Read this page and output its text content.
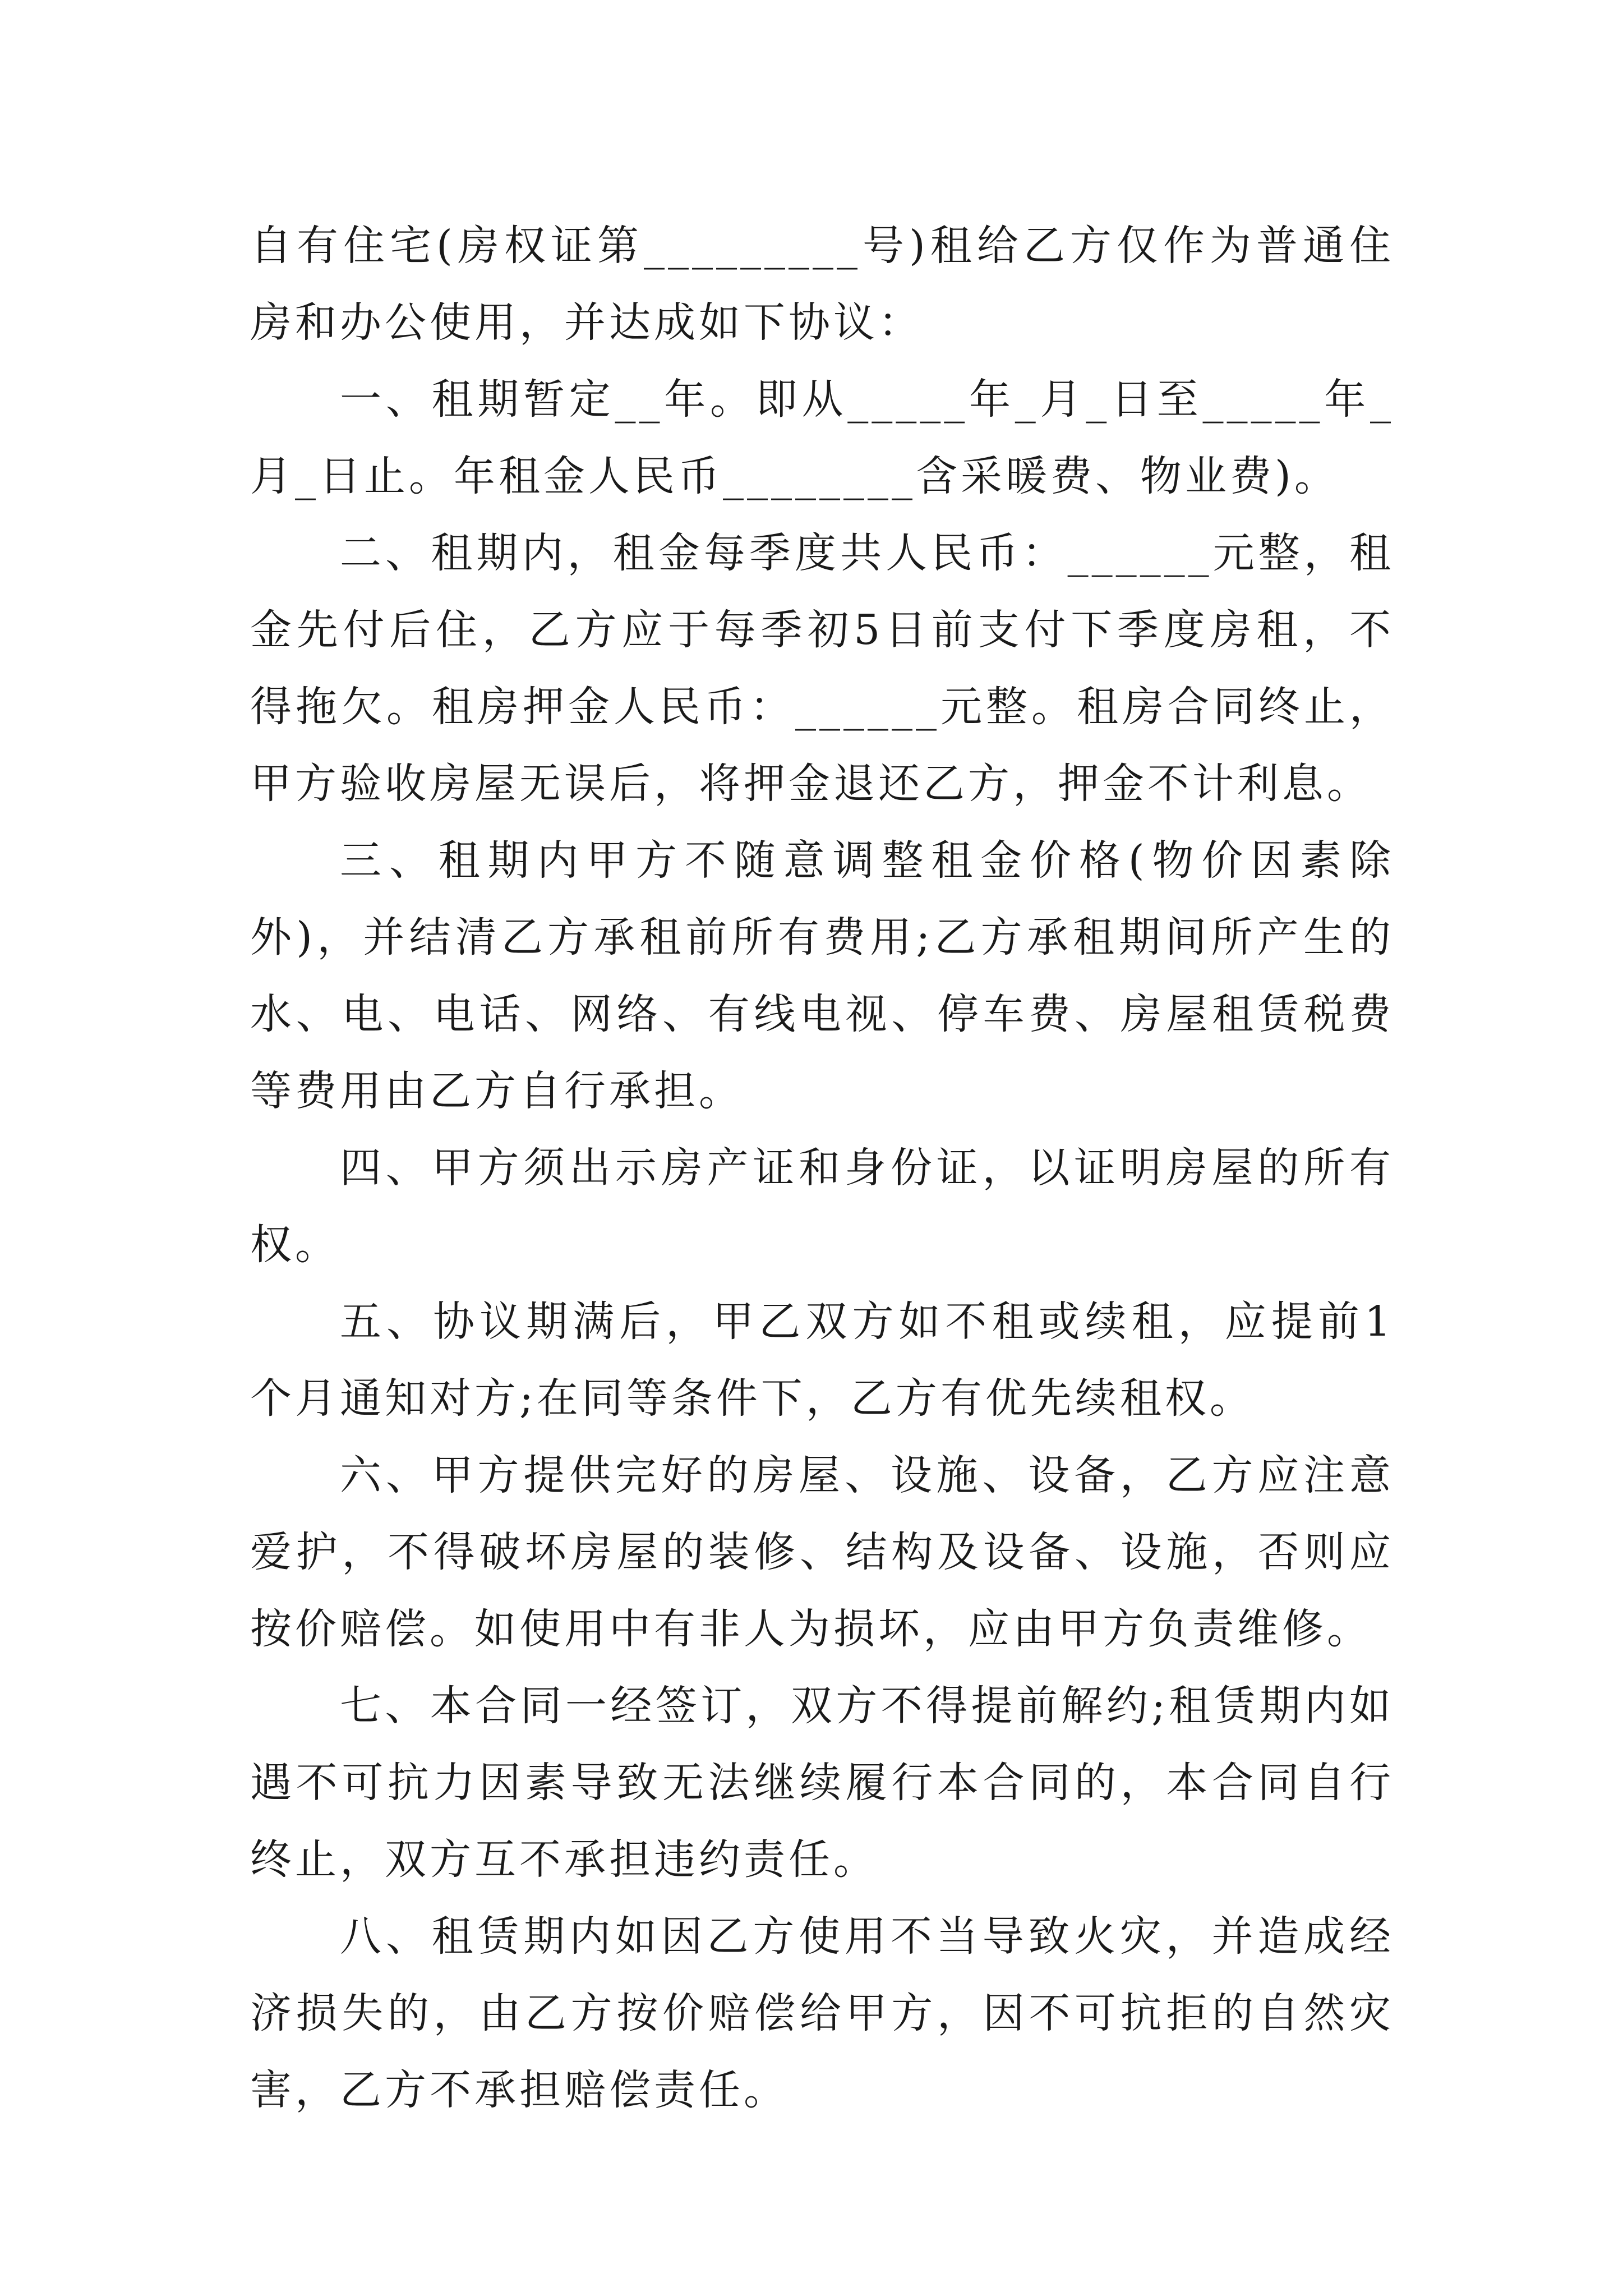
自有住宅(房权证第_________号)租给乙方仅作为普通住房和办公使用，并达成如下协议：

一、租期暂定__年。即从_____年_月_日至_____年_月_日止。年租金人民币________含采暖费、物业费)。

二、租期内，租金每季度共人民币：______元整，租金先付后住，乙方应于每季初5日前支付下季度房租，不得拖欠。租房押金人民币：______元整。租房合同终止，甲方验收房屋无误后，将押金退还乙方，押金不计利息。

三、租期内甲方不随意调整租金价格(物价因素除外)，并结清乙方承租前所有费用;乙方承租期间所产生的水、电、电话、网络、有线电视、停车费、房屋租赁税费等费用由乙方自行承担。

四、甲方须出示房产证和身份证，以证明房屋的所有权。

五、协议期满后，甲乙双方如不租或续租，应提前1个月通知对方;在同等条件下，乙方有优先续租权。

六、甲方提供完好的房屋、设施、设备，乙方应注意爱护，不得破坏房屋的装修、结构及设备、设施，否则应按价赔偿。如使用中有非人为损坏，应由甲方负责维修。

七、本合同一经签订，双方不得提前解约;租赁期内如遇不可抗力因素导致无法继续履行本合同的，本合同自行终止，双方互不承担违约责任。

八、租赁期内如因乙方使用不当导致火灾，并造成经济损失的，由乙方按价赔偿给甲方，因不可抗拒的自然灾害，乙方不承担赔偿责任。
